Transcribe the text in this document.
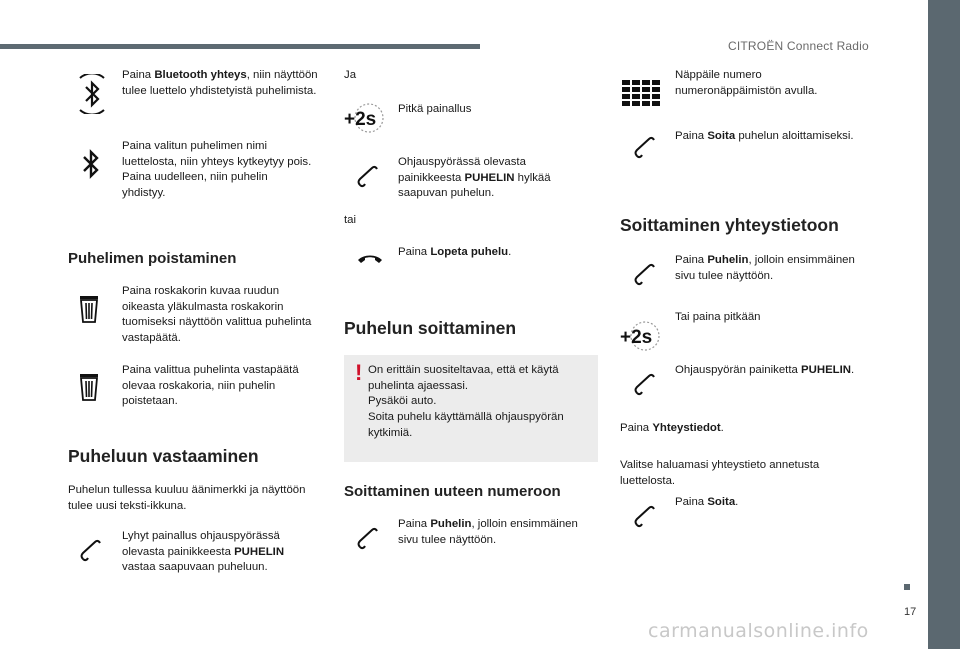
CITROËN Connect Radio
17
carmanualsonline.info
Paina Bluetooth yhteys, niin näyttöön tulee luettelo yhdistetyistä puhelimista.
Paina valitun puhelimen nimi luettelosta, niin yhteys kytkeytyy pois.
Paina uudelleen, niin puhelin yhdistyy.
Puhelimen poistaminen
Paina roskakorin kuvaa ruudun oikeasta yläkulmasta roskakorin tuomiseksi näyttöön valittua puhelinta vastapäätä.
Paina valittua puhelinta vastapäätä olevaa roskakoria, niin puhelin poistetaan.
Puheluun vastaaminen
Puhelun tullessa kuuluu äänimerkki ja näyttöön tulee uusi teksti-ikkuna.
Lyhyt painallus ohjauspyörässä olevasta painikkeesta PUHELIN vastaa saapuvaan puheluun.
Ja
+2s Pitkä painallus
Ohjauspyörässä olevasta painikkeesta PUHELIN hylkää saapuvan puhelun.
tai
Paina Lopeta puhelu.
Puhelun soittaminen
! On erittäin suositeltavaa, että et käytä puhelinta ajaessasi.
Pysäköi auto.
Soita puhelu käyttämällä ohjauspyörän kytkimiä.
Soittaminen uuteen numeroon
Paina Puhelin, jolloin ensimmäinen sivu tulee näyttöön.
Näppäile numero numeronäppäimistön avulla.
Paina Soita puhelun aloittamiseksi.
Soittaminen yhteystietoon
Paina Puhelin, jolloin ensimmäinen sivu tulee näyttöön.
+2s
Tai paina pitkään
Ohjauspyörän painiketta PUHELIN.
Paina Yhteystiedot.
Valitse haluamasi yhteystieto annetusta luettelosta.
Paina Soita.
